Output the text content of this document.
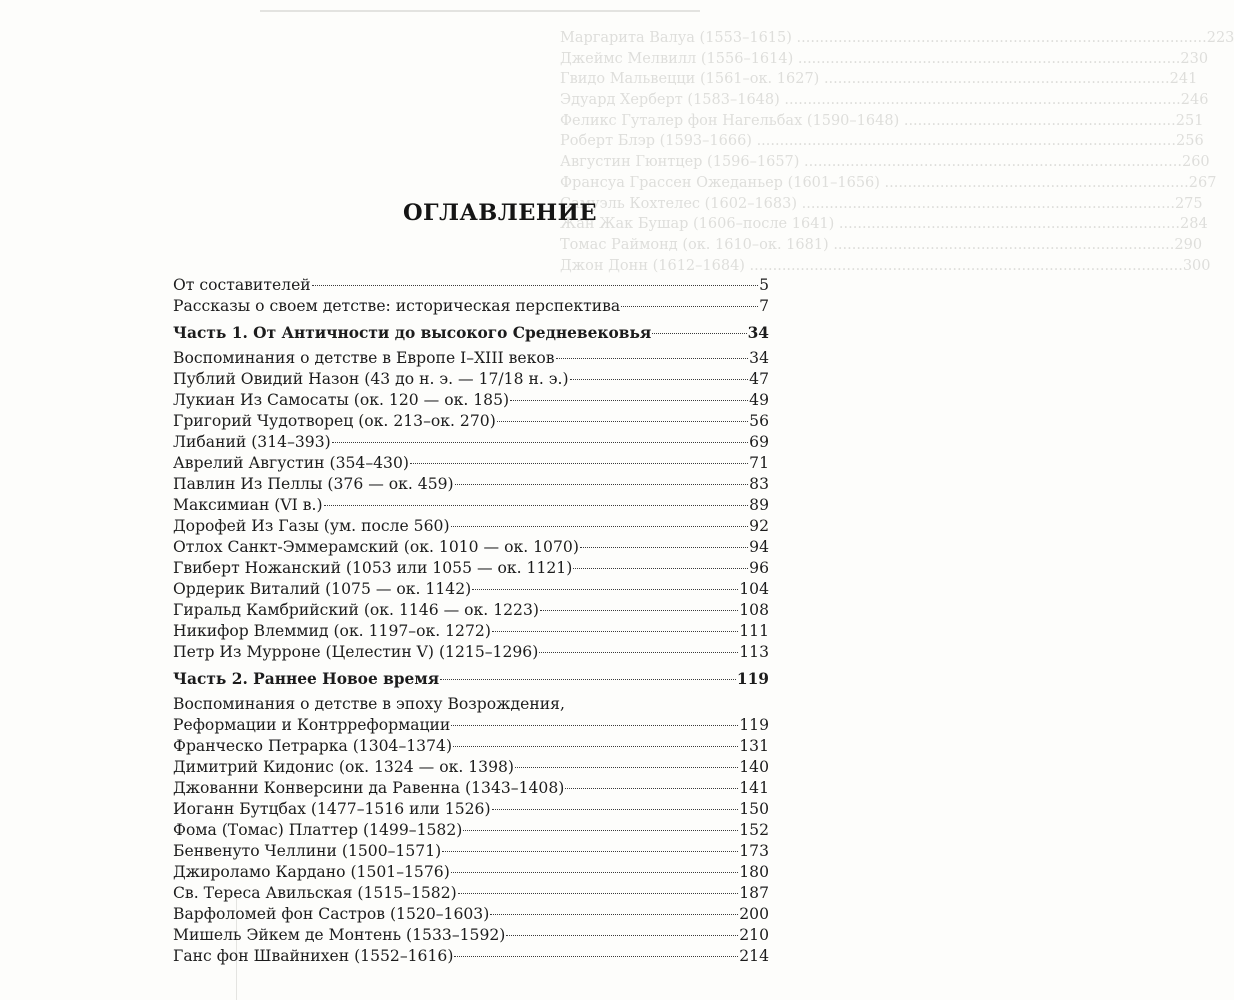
Маргарита Валуа (1553–1615) .........................................................................................223
Джеймс Мелвилл (1556–1614) ...................................................................................230
Гвидо Мальвецци (1561–ок. 1627) ...........................................................................241
Эдуард Херберт (1583–1648) ......................................................................................246
Феликс Гуталер фон Нагельбах (1590–1648) ...........................................................251
Роберт Блэр (1593–1666) ...........................................................................................256
Августин Гюнтцер (1596–1657) ..................................................................................260
Франсуа Грассен Ожеданьер (1601–1656) ..................................................................267
Самуэль Кохтелес (1602–1683) .................................................................................275
Жан Жак Бушар (1606–после 1641) ..........................................................................284
Томас Раймонд (ок. 1610–ок. 1681) ..........................................................................290
Джон Донн (1612–1684) ..............................................................................................300
ОГЛАВЛЕНИЕ
От составителей	5
Рассказы о своем детстве: историческая перспектива	7
Часть 1. От Античности до высокого Средневековья	34
Воспоминания о детстве в Европе I–XIII веков	34
Публий Овидий Назон (43 до н. э. — 17/18 н. э.)	47
Лукиан Из Самосаты (ок. 120 — ок. 185)	49
Григорий Чудотворец (ок. 213–ок. 270)	56
Либаний (314–393)	69
Аврелий Августин (354–430)	71
Павлин Из Пеллы (376 — ок. 459)	83
Максимиан (VI в.)	89
Дорофей Из Газы (ум. после 560)	92
Отлох Санкт-Эммерамский (ок. 1010 — ок. 1070)	94
Гвиберт Ножанский (1053 или 1055 — ок. 1121)	96
Ордерик Виталий (1075 — ок. 1142)	104
Гиральд Камбрийский (ок. 1146 — ок. 1223)	108
Никифор Влеммид (ок. 1197–ок. 1272)	111
Петр Из Мурроне (Целестин V) (1215–1296)	113
Часть 2. Раннее Новое время	119
Воспоминания о детстве в эпоху Возрождения,
Реформации и Контрреформации	119
Франческо Петрарка (1304–1374)	131
Димитрий Кидонис (ок. 1324 — ок. 1398)	140
Джованни Конверсини да Равенна (1343–1408)	141
Иоганн Бутцбах (1477–1516 или 1526)	150
Фома (Томас) Платтер (1499–1582)	152
Бенвенуто Челлини (1500–1571)	173
Джироламо Кардано (1501–1576)	180
Св. Тереса Авильская (1515–1582)	187
Варфоломей фон Састров (1520–1603)	200
Мишель Эйкем де Монтень (1533–1592)	210
Ганс фон Швайнихен (1552–1616)	214
